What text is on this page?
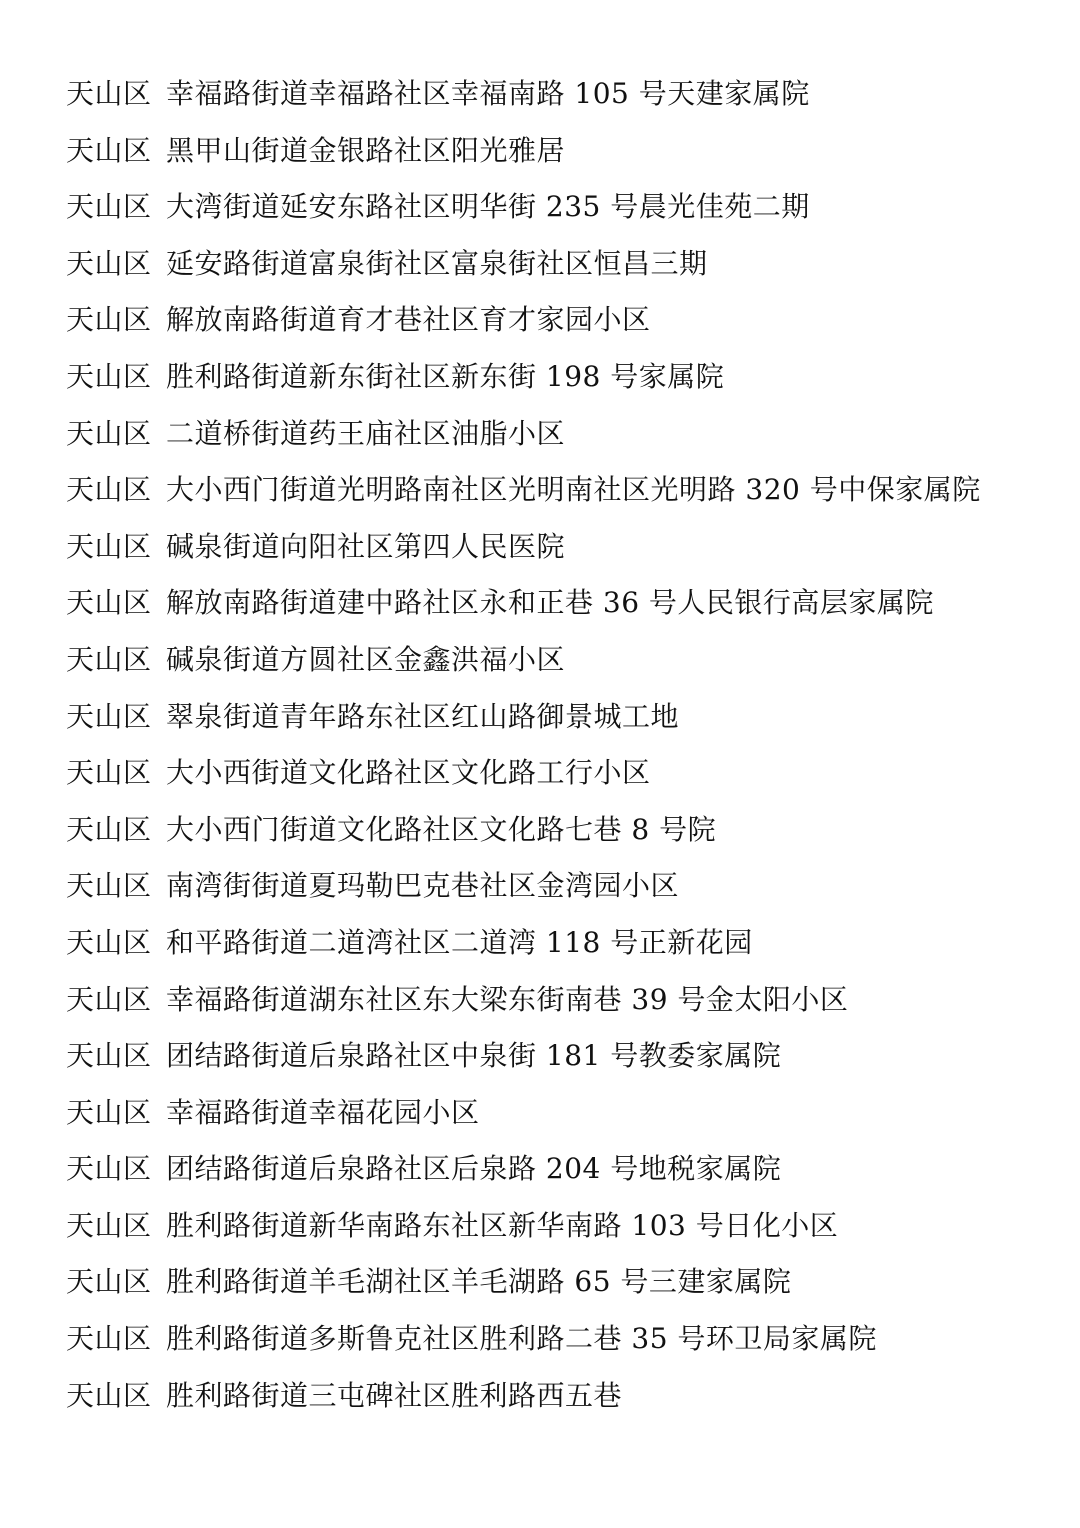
天山区 幸福路街道幸福路社区幸福南路 105 号天建家属院
天山区 黑甲山街道金银路社区阳光雅居
天山区 大湾街道延安东路社区明华街 235 号晨光佳苑二期
天山区 延安路街道富泉街社区富泉街社区恒昌三期
天山区 解放南路街道育才巷社区育才家园小区
天山区 胜利路街道新东街社区新东街 198 号家属院
天山区 二道桥街道药王庙社区油脂小区
天山区 大小西门街道光明路南社区光明南社区光明路 320 号中保家属院
天山区 碱泉街道向阳社区第四人民医院
天山区 解放南路街道建中路社区永和正巷 36 号人民银行高层家属院
天山区 碱泉街道方圆社区金鑫洪福小区
天山区 翠泉街道青年路东社区红山路御景城工地
天山区 大小西街道文化路社区文化路工行小区
天山区 大小西门街道文化路社区文化路七巷 8 号院
天山区 南湾街街道夏玛勒巴克巷社区金湾园小区
天山区 和平路街道二道湾社区二道湾 118 号正新花园
天山区 幸福路街道湖东社区东大梁东街南巷 39 号金太阳小区
天山区 团结路街道后泉路社区中泉街 181 号教委家属院
天山区 幸福路街道幸福花园小区
天山区 团结路街道后泉路社区后泉路 204 号地税家属院
天山区 胜利路街道新华南路东社区新华南路 103 号日化小区
天山区 胜利路街道羊毛湖社区羊毛湖路 65 号三建家属院
天山区 胜利路街道多斯鲁克社区胜利路二巷 35 号环卫局家属院
天山区 胜利路街道三屯碑社区胜利路西五巷
